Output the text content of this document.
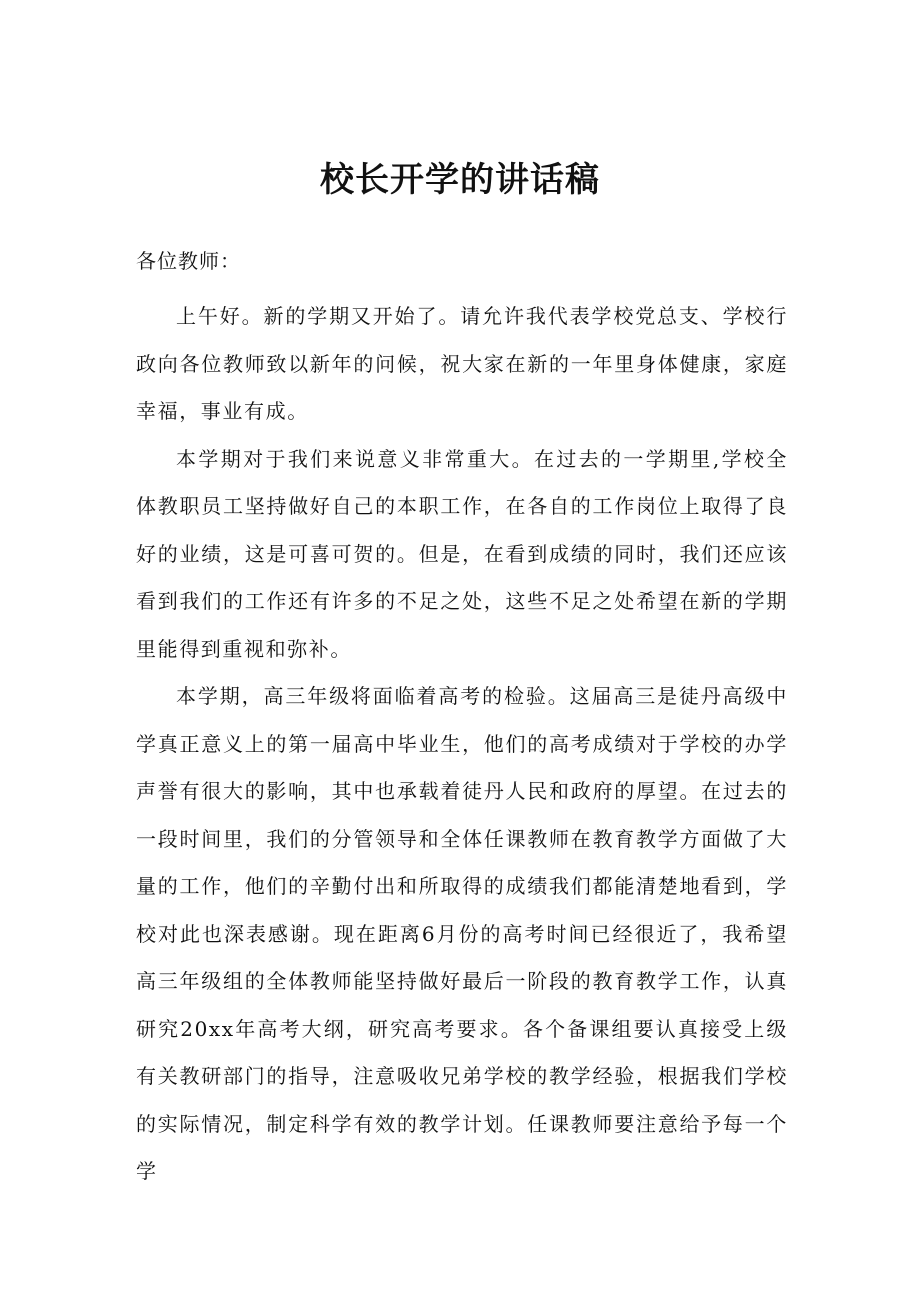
校长开学的讲话稿
各位教师：

上午好。新的学期又开始了。请允许我代表学校党总支、学校行政向各位教师致以新年的问候，祝大家在新的一年里身体健康，家庭幸福，事业有成。

本学期对于我们来说意义非常重大。在过去的一学期里,学校全体教职员工坚持做好自己的本职工作，在各自的工作岗位上取得了良好的业绩，这是可喜可贺的。但是，在看到成绩的同时，我们还应该看到我们的工作还有许多的不足之处，这些不足之处希望在新的学期里能得到重视和弥补。

本学期，高三年级将面临着高考的检验。这届高三是徒丹高级中学真正意义上的第一届高中毕业生，他们的高考成绩对于学校的办学声誉有很大的影响，其中也承载着徒丹人民和政府的厚望。在过去的一段时间里，我们的分管领导和全体任课教师在教育教学方面做了大量的工作，他们的辛勤付出和所取得的成绩我们都能清楚地看到，学校对此也深表感谢。现在距离6月份的高考时间已经很近了，我希望高三年级组的全体教师能坚持做好最后一阶段的教育教学工作，认真研究20xx年高考大纲，研究高考要求。各个备课组要认真接受上级有关教研部门的指导，注意吸收兄弟学校的教学经验，根据我们学校的实际情况，制定科学有效的教学计划。任课教师要注意给予每一个学
